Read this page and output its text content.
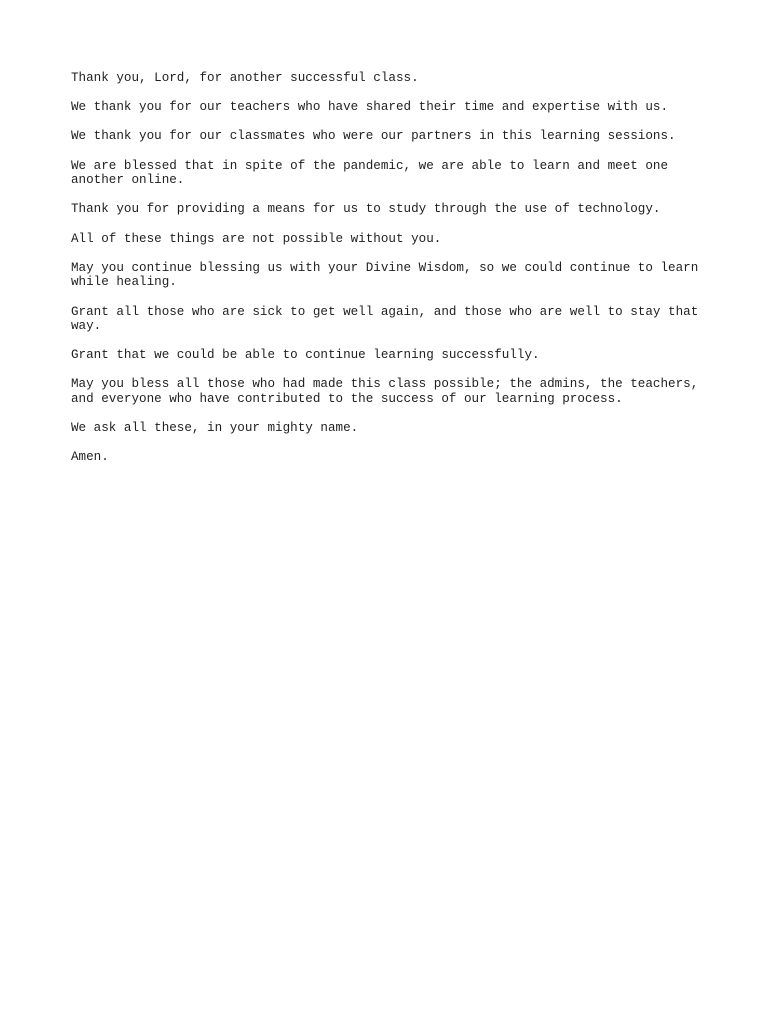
Thank you, Lord, for another successful class.

We thank you for our teachers who have shared their time and expertise with us.

We thank you for our classmates who were our partners in this learning sessions.

We are blessed that in spite of the pandemic, we are able to learn and meet one
another online.

Thank you for providing a means for us to study through the use of technology.

All of these things are not possible without you.

May you continue blessing us with your Divine Wisdom, so we could continue to learn
while healing.

Grant all those who are sick to get well again, and those who are well to stay that
way.

Grant that we could be able to continue learning successfully.

May you bless all those who had made this class possible; the admins, the teachers,
and everyone who have contributed to the success of our learning process.

We ask all these, in your mighty name.

Amen.
